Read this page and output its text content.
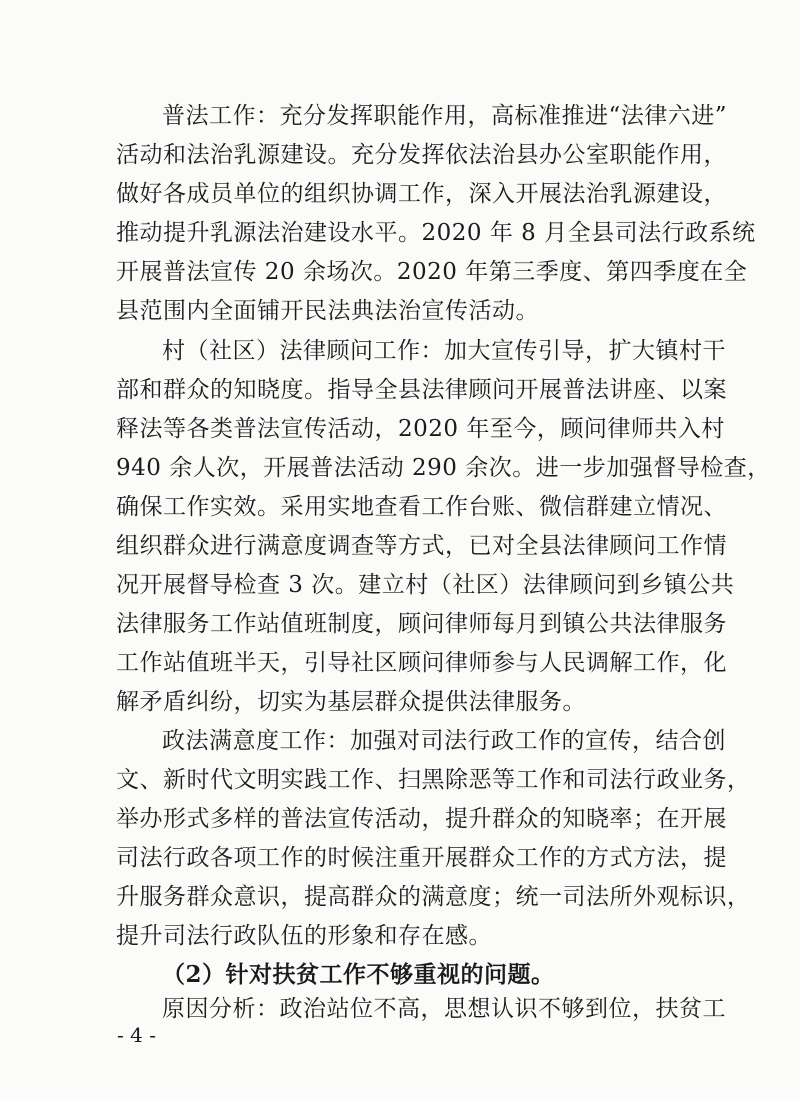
普法工作：充分发挥职能作用，高标准推进“法律六进”
活动和法治乳源建设。充分发挥依法治县办公室职能作用，
做好各成员单位的组织协调工作，深入开展法治乳源建设，
推动提升乳源法治建设水平。2020 年 8 月全县司法行政系统
开展普法宣传 20 余场次。2020 年第三季度、第四季度在全
县范围内全面铺开民法典法治宣传活动。
村（社区）法律顾问工作：加大宣传引导，扩大镇村干
部和群众的知晓度。指导全县法律顾问开展普法讲座、以案
释法等各类普法宣传活动，2020 年至今，顾问律师共入村
940 余人次，开展普法活动 290 余次。进一步加强督导检查，
确保工作实效。采用实地查看工作台账、微信群建立情况、
组织群众进行满意度调查等方式，已对全县法律顾问工作情
况开展督导检查 3 次。建立村（社区）法律顾问到乡镇公共
法律服务工作站值班制度，顾问律师每月到镇公共法律服务
工作站值班半天，引导社区顾问律师参与人民调解工作，化
解矛盾纠纷，切实为基层群众提供法律服务。
政法满意度工作：加强对司法行政工作的宣传，结合创
文、新时代文明实践工作、扫黑除恶等工作和司法行政业务，
举办形式多样的普法宣传活动，提升群众的知晓率；在开展
司法行政各项工作的时候注重开展群众工作的方式方法，提
升服务群众意识，提高群众的满意度；统一司法所外观标识，
提升司法行政队伍的形象和存在感。
（2）针对扶贫工作不够重视的问题。
原因分析：政治站位不高，思想认识不够到位，扶贫工
- 4 -
